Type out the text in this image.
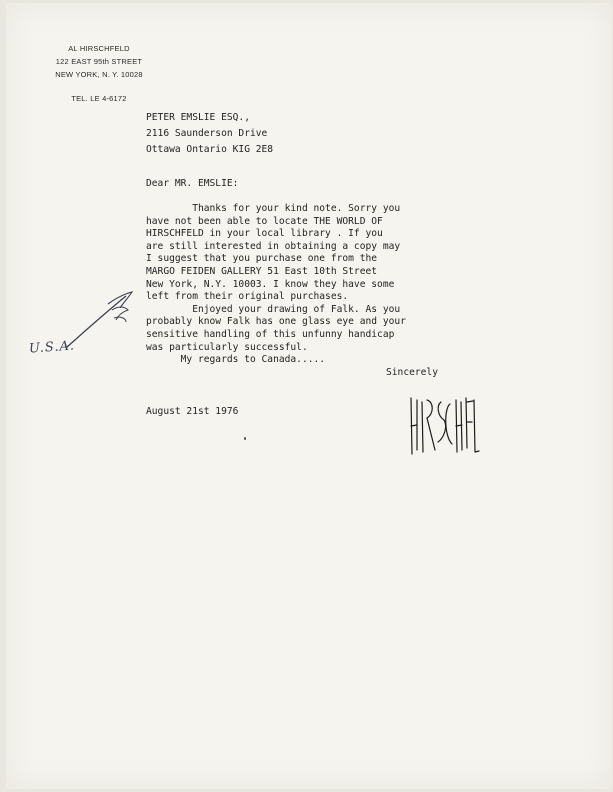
AL HIRSCHFELD
122 EAST 95th STREET
NEW YORK, N. Y. 10028
TEL. LE 4-6172
PETER EMSLIE ESQ.,
2116 Saunderson Drive
Ottawa Ontario KIG 2E8
Dear MR. EMSLIE:
Thanks for your kind note. Sorry you
have not been able to locate THE WORLD OF
HIRSCHFELD in your local library . If you
are still interested in obtaining a copy may
I suggest that you purchase one from the
MARGO FEIDEN GALLERY 51 East 10th Street
New York, N.Y. 10003. I know they have some
left from their original purchases.
Enjoyed your drawing of Falk. As you
probably know Falk has one glass eye and your
sensitive handling of this unfunny handicap
was particularly successful.
My regards to Canada.....
Sincerely
August 21st 1976
U.S.A.
